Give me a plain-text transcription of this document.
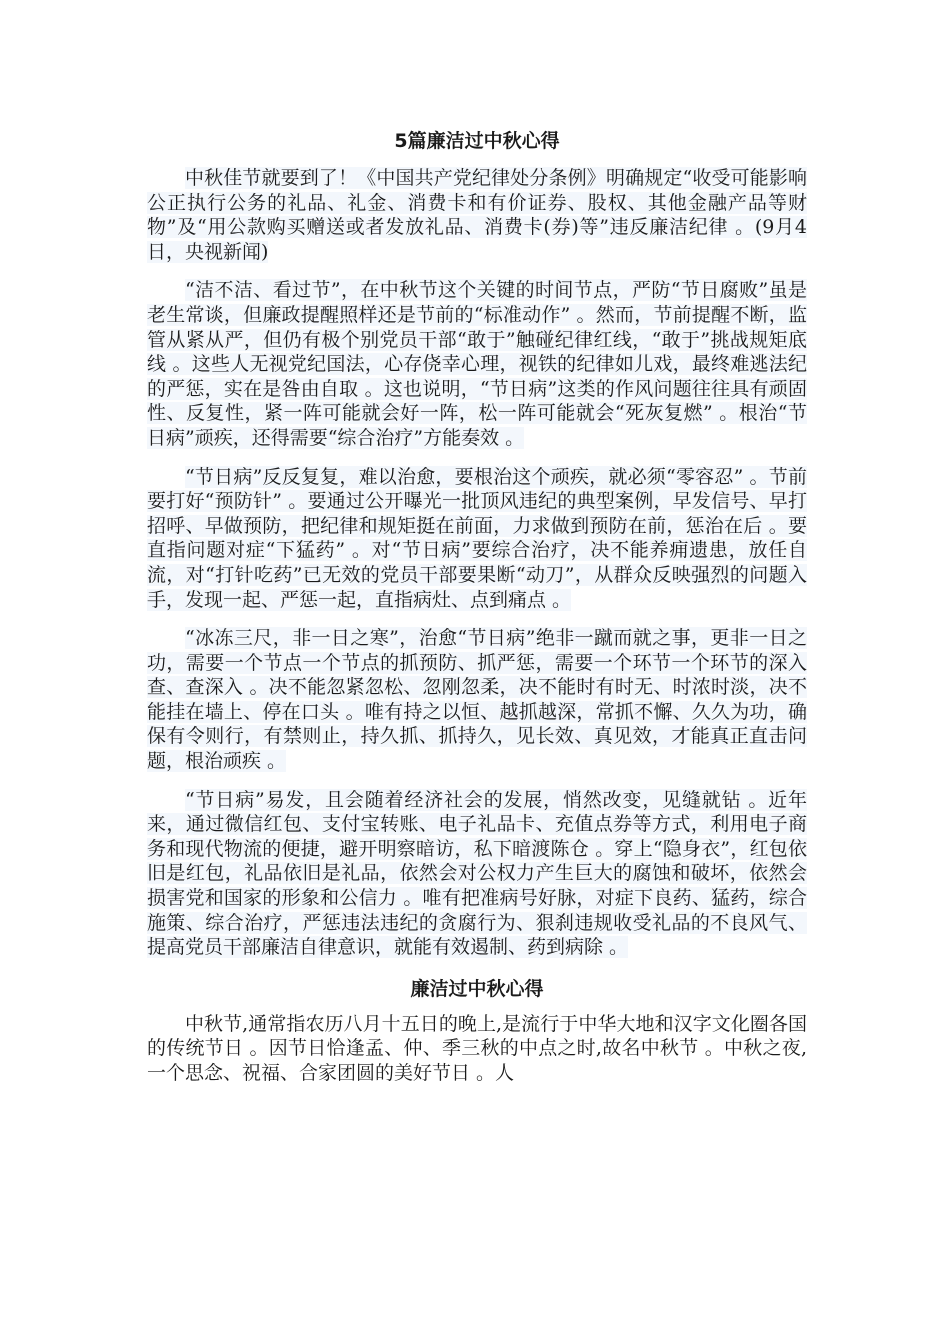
5篇廉洁过中秋心得

中秋佳节就要到了！《中国共产党纪律处分条例》明确规定“收受可能影响公正执行公务的礼品、礼金、消费卡和有价证券、股权、其他金融产品等财物”及“用公款购买赠送或者发放礼品、消费卡(券)等”违反廉洁纪律 。(9月4日，央视新闻)

“洁不洁、看过节”，在中秋节这个关键的时间节点，严防“节日腐败”虽是老生常谈，但廉政提醒照样还是节前的“标准动作” 。然而，节前提醒不断，监管从紧从严，但仍有极个别党员干部“敢于”触碰纪律红线，“敢于”挑战规矩底线 。这些人无视党纪国法，心存侥幸心理，视铁的纪律如儿戏，最终难逃法纪的严惩，实在是咎由自取 。这也说明，“节日病”这类的作风问题往往具有顽固性、反复性，紧一阵可能就会好一阵，松一阵可能就会“死灰复燃” 。根治“节日病”顽疾，还得需要“综合治疗”方能奏效 。

“节日病”反反复复，难以治愈，要根治这个顽疾，就必须“零容忍” 。节前要打好“预防针” 。要通过公开曝光一批顶风违纪的典型案例，早发信号、早打招呼、早做预防，把纪律和规矩挺在前面，力求做到预防在前，惩治在后 。要直指问题对症“下猛药” 。对“节日病”要综合治疗，决不能养痈遗患，放任自流，对“打针吃药”已无效的党员干部要果断“动刀”，从群众反映强烈的问题入手，发现一起、严惩一起，直指病灶、点到痛点 。

“冰冻三尺，非一日之寒”，治愈“节日病”绝非一蹴而就之事，更非一日之功，需要一个节点一个节点的抓预防、抓严惩，需要一个环节一个环节的深入查、查深入 。决不能忽紧忽松、忽刚忽柔，决不能时有时无、时浓时淡，决不能挂在墙上、停在口头 。唯有持之以恒、越抓越深，常抓不懈、久久为功，确保有令则行，有禁则止，持久抓、抓持久，见长效、真见效，才能真正直击问题，根治顽疾 。

“节日病”易发，且会随着经济社会的发展，悄然改变，见缝就钻 。近年来，通过微信红包、支付宝转账、电子礼品卡、充值点券等方式，利用电子商务和现代物流的便捷，避开明察暗访，私下暗渡陈仓 。穿上“隐身衣”，红包依旧是红包，礼品依旧是礼品，依然会对公权力产生巨大的腐蚀和破坏，依然会损害党和国家的形象和公信力 。唯有把准病号好脉，对症下良药、猛药，综合施策、综合治疗，严惩违法违纪的贪腐行为、狠刹违规收受礼品的不良风气、提高党员干部廉洁自律意识，就能有效遏制、药到病除 。

廉洁过中秋心得

中秋节,通常指农历八月十五日的晚上,是流行于中华大地和汉字文化圈各国的传统节日 。因节日恰逢孟、仲、季三秋的中点之时,故名中秋节 。中秋之夜,一个思念、祝福、合家团圆的美好节日 。人
